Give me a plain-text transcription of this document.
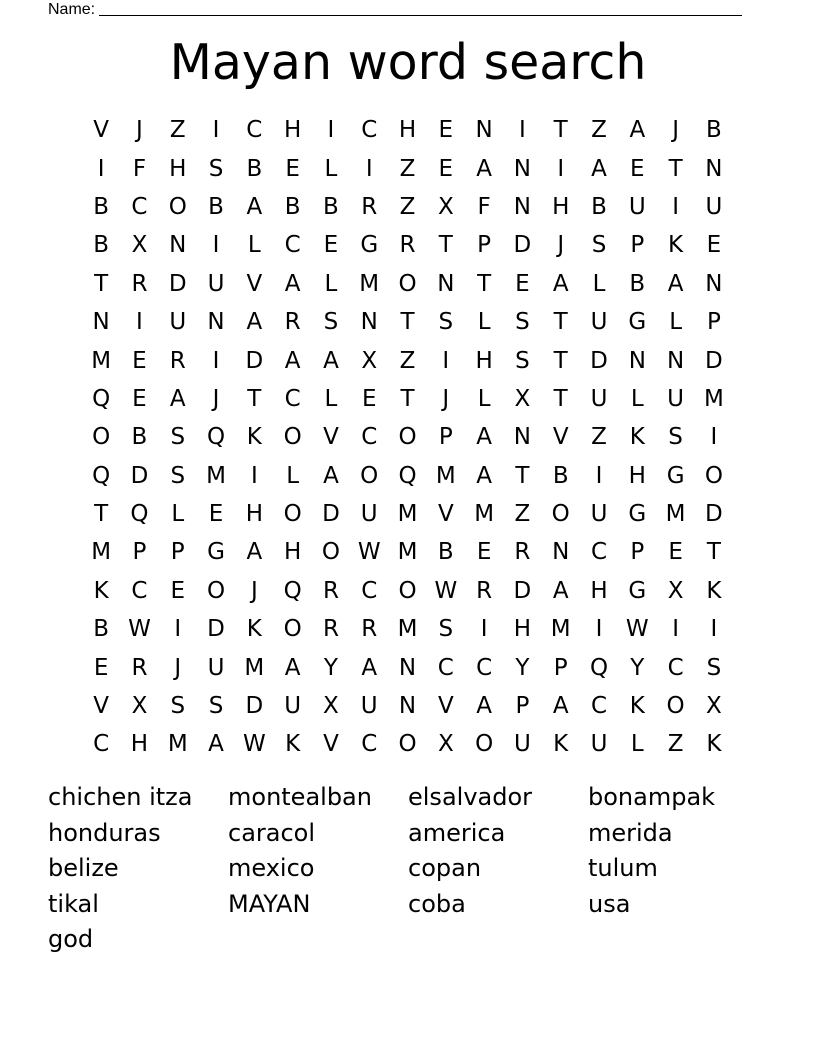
Name:
Mayan word search
V	J	Z	I	C H	I	C H E N	I	T	Z A	J	B
I	F	H S	B	E	L	I	Z	E	A N	I	A	E	T N
B C O B A B B R Z X	F	N H B U	I	U
B X N	I	L	C	E G R	T	P D	J	S	P	K	E
T	R D U V A	L M O N T	E	A	L	B A N
N	I	U N A R	S N T	S	L	S	T U G L	P
M E	R	I	D A A X Z	I	H S	T D N N D
Q E	A	J	T	C	L	E	T	J	L	X	T U	L	U M
O B	S Q K O V C O P	A N V Z K	S	I
Q D S M	I	L	A O Q M A	T	B	I	H G O
T Q L	E H O D U M V M Z O U G M D
M P	P G A H O W M B	E	R N C	P	E	T
K C	E O	J	Q R C O W R D A H G X K
B W	I	D K O R R M S	I	H M	I	W	I	I
E	R	J	U M A	Y	A N C C	Y	P Q Y	C S
V X	S	S D U X U N V A	P	A C K O X
C H M A W K V C O X O U K U	L	Z K
chichen itza	montealban	elsalvador	bonampak
honduras	caracol	america	merida
belize	mexico	copan	tulum
tikal	MAYAN	coba	usa
god
